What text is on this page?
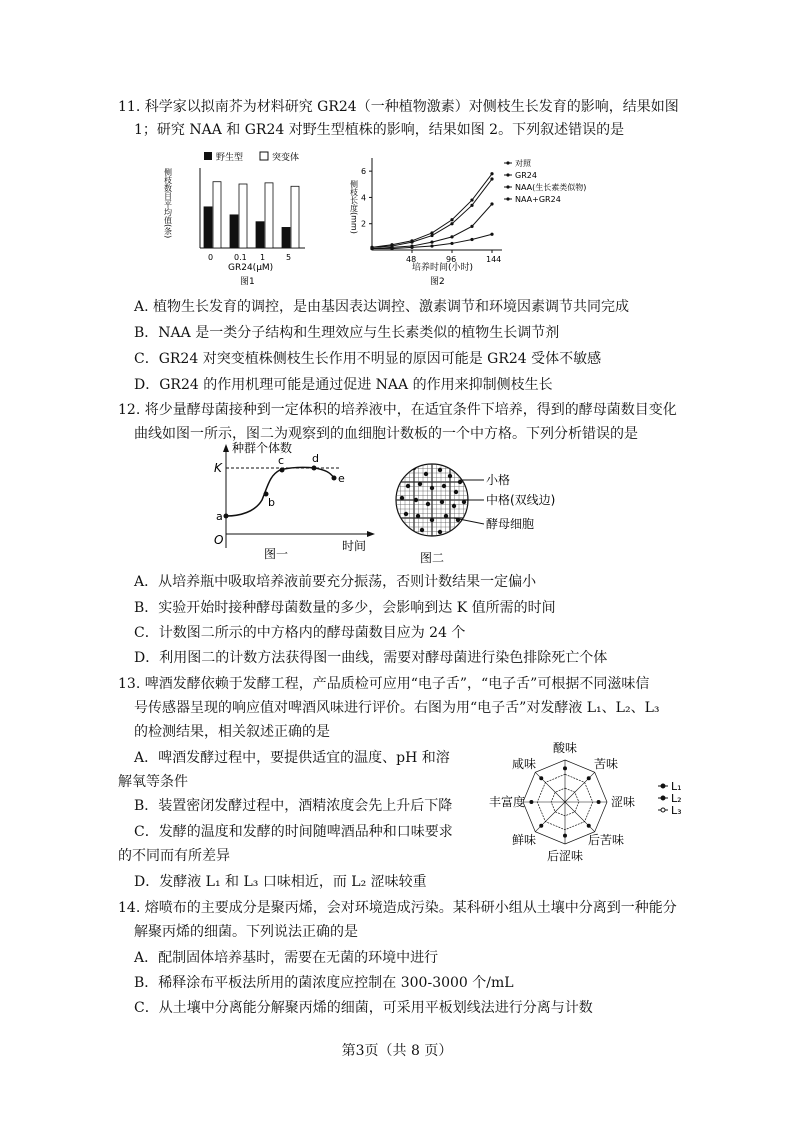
11. 科学家以拟南芥为材料研究 GR24（一种植物激素）对侧枝生长发育的影响，结果如图
1；研究 NAA 和 GR24 对野生型植株的影响，结果如图 2。下列叙述错误的是
野生型	突变体
侧枝数目平均值(条)
0	0.1 1	5
GR24(μM)
图1
侧枝长度(mm) 2
4
6
48	96	144
对照
GR24
NAA(生长素类似物)
NAA+GR24
培养时间(小时)
图2
A. 植物生长发育的调控，是由基因表达调控、激素调节和环境因素调节共同完成
B．NAA 是一类分子结构和生理效应与生长素类似的植物生长调节剂
C．GR24 对突变植株侧枝生长作用不明显的原因可能是 GR24 受体不敏感
D．GR24 的作用机理可能是通过促进 NAA 的作用来抑制侧枝生长
12. 将少量酵母菌接种到一定体积的培养液中，在适宜条件下培养，得到的酵母菌数目变化
曲线如图一所示，图二为观察到的血细胞计数板的一个中方格。下列分析错误的是
种群个体数
K
O
a
b
c	d
e
时间
图一
小格
中格(双线边)
酵母细胞
图二
A．从培养瓶中吸取培养液前要充分振荡，否则计数结果一定偏小
B．实验开始时接种酵母菌数量的多少，会影响到达 K 值所需的时间
C．计数图二所示的中方格内的酵母菌数目应为 24 个
D．利用图二的计数方法获得图一曲线，需要对酵母菌进行染色排除死亡个体
13. 啤酒发酵依赖于发酵工程，产品质检可应用“电子舌”，“电子舌”可根据不同滋味信
号传感器呈现的响应值对啤酒风味进行评价。右图为用“电子舌”对发酵液 L₁、L₂、L₃
的检测结果，相关叙述正确的是
A．啤酒发酵过程中，要提供适宜的温度、pH 和溶
解氧等条件
B．装置密闭发酵过程中，酒精浓度会先上升后下降
C．发酵的温度和发酵的时间随啤酒品种和口味要求
的不同而有所差异
D．发酵液 L₁ 和 L₃ 口味相近，而 L₂ 涩味较重
酸味
苦味
涩味
后苦味
后涩味
鲜味
丰富度
咸味
L₁
L₂
L₃
14. 熔喷布的主要成分是聚丙烯，会对环境造成污染。某科研小组从土壤中分离到一种能分
解聚丙烯的细菌。下列说法正确的是
A．配制固体培养基时，需要在无菌的环境中进行
B．稀释涂布平板法所用的菌浓度应控制在 300-3000 个/mL
C．从土壤中分离能分解聚丙烯的细菌，可采用平板划线法进行分离与计数
第3页（共 8 页）
